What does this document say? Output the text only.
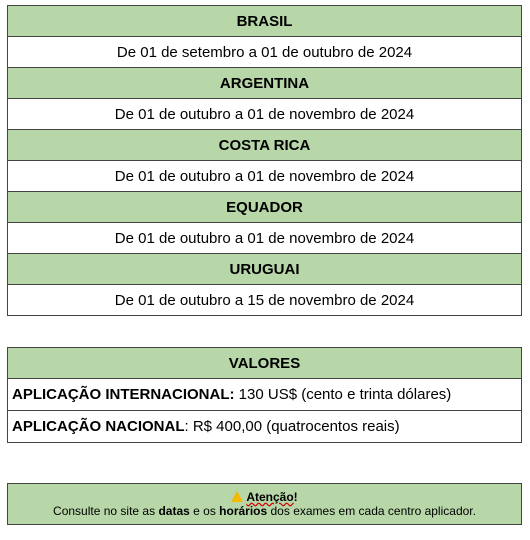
BRASIL
De 01 de setembro a 01 de outubro de 2024
ARGENTINA
De 01 de outubro a 01 de novembro de 2024
COSTA RICA
De 01 de outubro a 01 de novembro de 2024
EQUADOR
De 01 de outubro a 01 de novembro de 2024
URUGUAI
De 01 de outubro a 15 de novembro de 2024
VALORES
APLICAÇÃO INTERNACIONAL: 130 US$ (cento e trinta dólares)
APLICAÇÃO NACIONAL: R$ 400,00 (quatrocentos reais)
Atenção!
Consulte no site as datas e os horários dos exames em cada centro aplicador.
